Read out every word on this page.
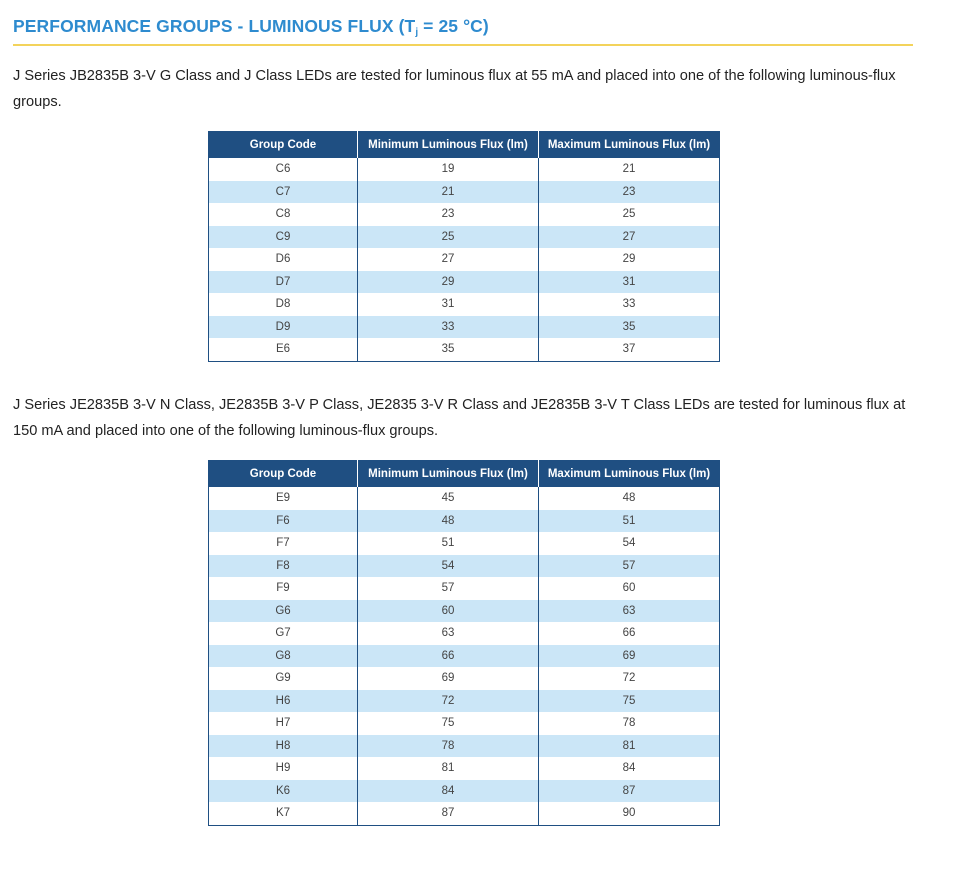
PERFORMANCE GROUPS - LUMINOUS FLUX ($T_j = 25$ °C)

J Series JB2835B 3-V G Class and J Class LEDs are tested for luminous flux at 55 mA and placed into one of the following luminous-flux groups.

Group Code	Minimum Luminous Flux (lm)	Maximum Luminous Flux (lm)
C6	19	21
C7	21	23
C8	23	25
C9	25	27
D6	27	29
D7	29	31
D8	31	33
D9	33	35
E6	35	37

J Series JE2835B 3-V N Class, JE2835B 3-V P Class, JE2835 3-V R Class and JE2835B 3-V T Class LEDs are tested for luminous flux at 150 mA and placed into one of the following luminous-flux groups.

Group Code	Minimum Luminous Flux (lm)	Maximum Luminous Flux (lm)
E9	45	48
F6	48	51
F7	51	54
F8	54	57
F9	57	60
G6	60	63
G7	63	66
G8	66	69
G9	69	72
H6	72	75
H7	75	78
H8	78	81
H9	81	84
K6	84	87
K7	87	90
